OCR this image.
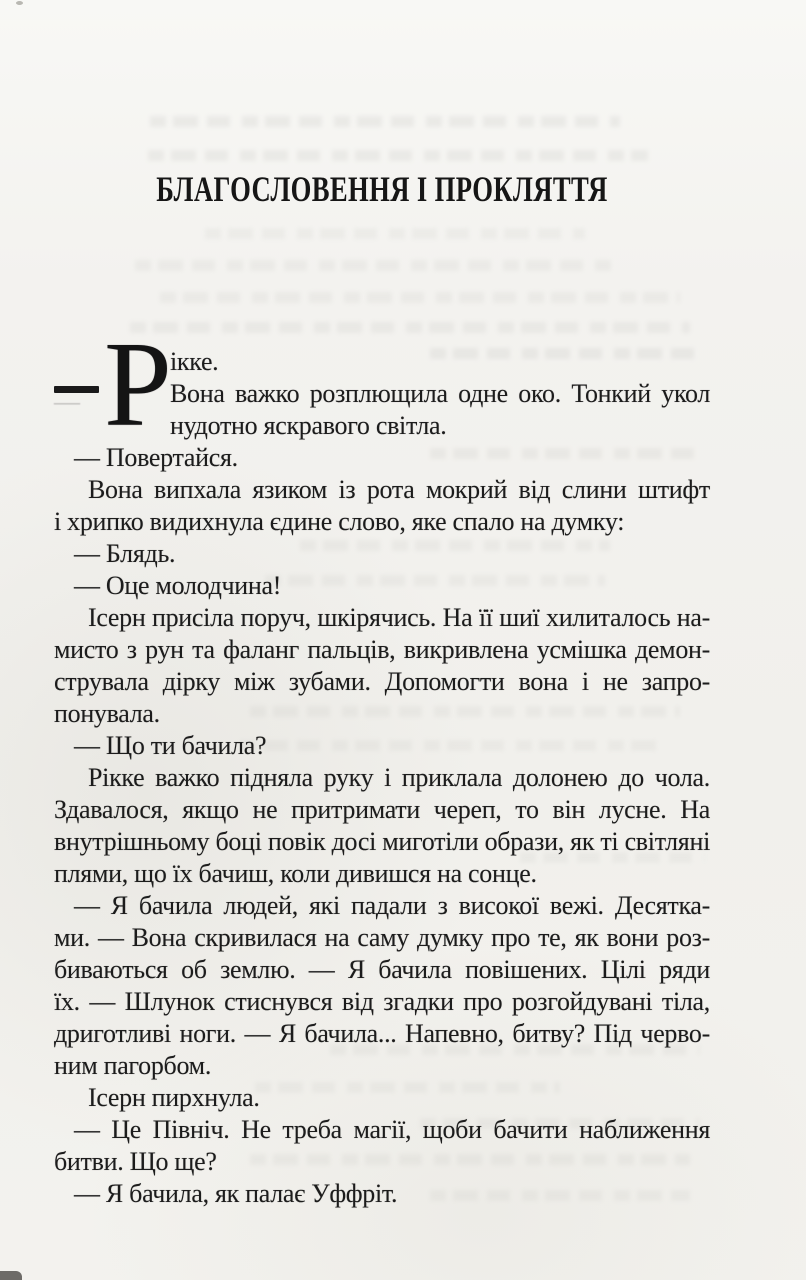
БЛАГОСЛОВЕННЯ І ПРОКЛЯТТЯ
— Р
ікке.
Вона важко розплющила одне око. Тонкий укол
нудотно яскравого світла.
— Повертайся.
Вона випхала язиком із рота мокрий від слини штифт
і хрипко видихнула єдине слово, яке спало на думку:
— Блядь.
— Оце молодчина!
Ісерн присіла поруч, шкірячись. На її шиї хилиталось на-
мисто з рун та фаланг пальців, викривлена усмішка демон-
струвала дірку між зубами. Допомогти вона і не запро-
понувала.
— Що ти бачила?
Рікке важко підняла руку і приклала долонею до чола.
Здавалося, якщо не притримати череп, то він лусне. На
внутрішньому боці повік досі миготіли образи, як ті світляні
плями, що їх бачиш, коли дивишся на сонце.
— Я бачила людей, які падали з високої вежі. Десятка-
ми. — Вона скривилася на саму думку про те, як вони роз-
биваються об землю. — Я бачила повішених. Цілі ряди
їх. — Шлунок стиснувся від згадки про розгойдувані тіла,
дриготливі ноги. — Я бачила... Напевно, битву? Під черво-
ним пагорбом.
Ісерн пирхнула.
— Це Північ. Не треба магії, щоби бачити наближення
битви. Що ще?
— Я бачила, як палає Уффріт.
